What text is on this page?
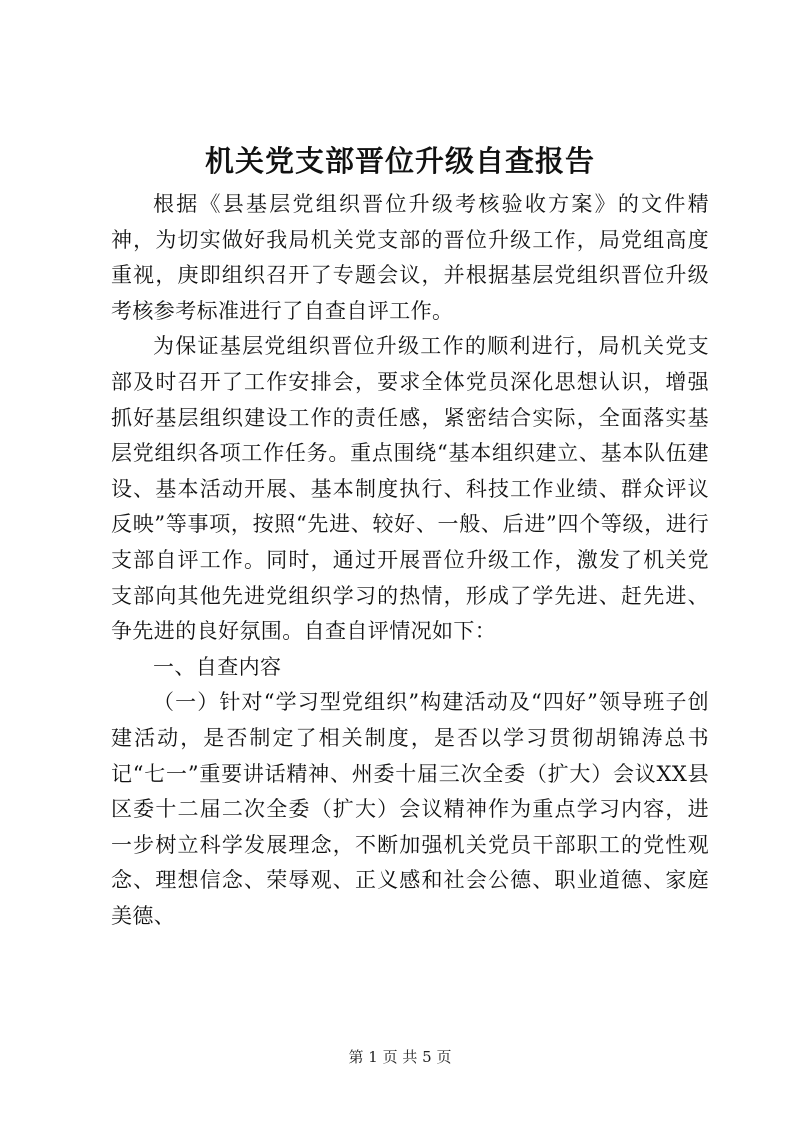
机关党支部晋位升级自查报告

根据《县基层党组织晋位升级考核验收方案》的文件精神，为切实做好我局机关党支部的晋位升级工作，局党组高度重视，庚即组织召开了专题会议，并根据基层党组织晋位升级考核参考标准进行了自查自评工作。

为保证基层党组织晋位升级工作的顺利进行，局机关党支部及时召开了工作安排会，要求全体党员深化思想认识，增强抓好基层组织建设工作的责任感，紧密结合实际，全面落实基层党组织各项工作任务。重点围绕“基本组织建立、基本队伍建设、基本活动开展、基本制度执行、科技工作业绩、群众评议反映”等事项，按照“先进、较好、一般、后进”四个等级，进行支部自评工作。同时，通过开展晋位升级工作，激发了机关党支部向其他先进党组织学习的热情，形成了学先进、赶先进、争先进的良好氛围。自查自评情况如下：

一、自查内容

（一）针对“学习型党组织”构建活动及“四好”领导班子创建活动，是否制定了相关制度，是否以学习贯彻胡锦涛总书记“七一”重要讲话精神、州委十届三次全委（扩大）会议XX县区委十二届二次全委（扩大）会议精神作为重点学习内容，进一步树立科学发展理念，不断加强机关党员干部职工的党性观念、理想信念、荣辱观、正义感和社会公德、职业道德、家庭美德、

第 1 页 共 5 页
